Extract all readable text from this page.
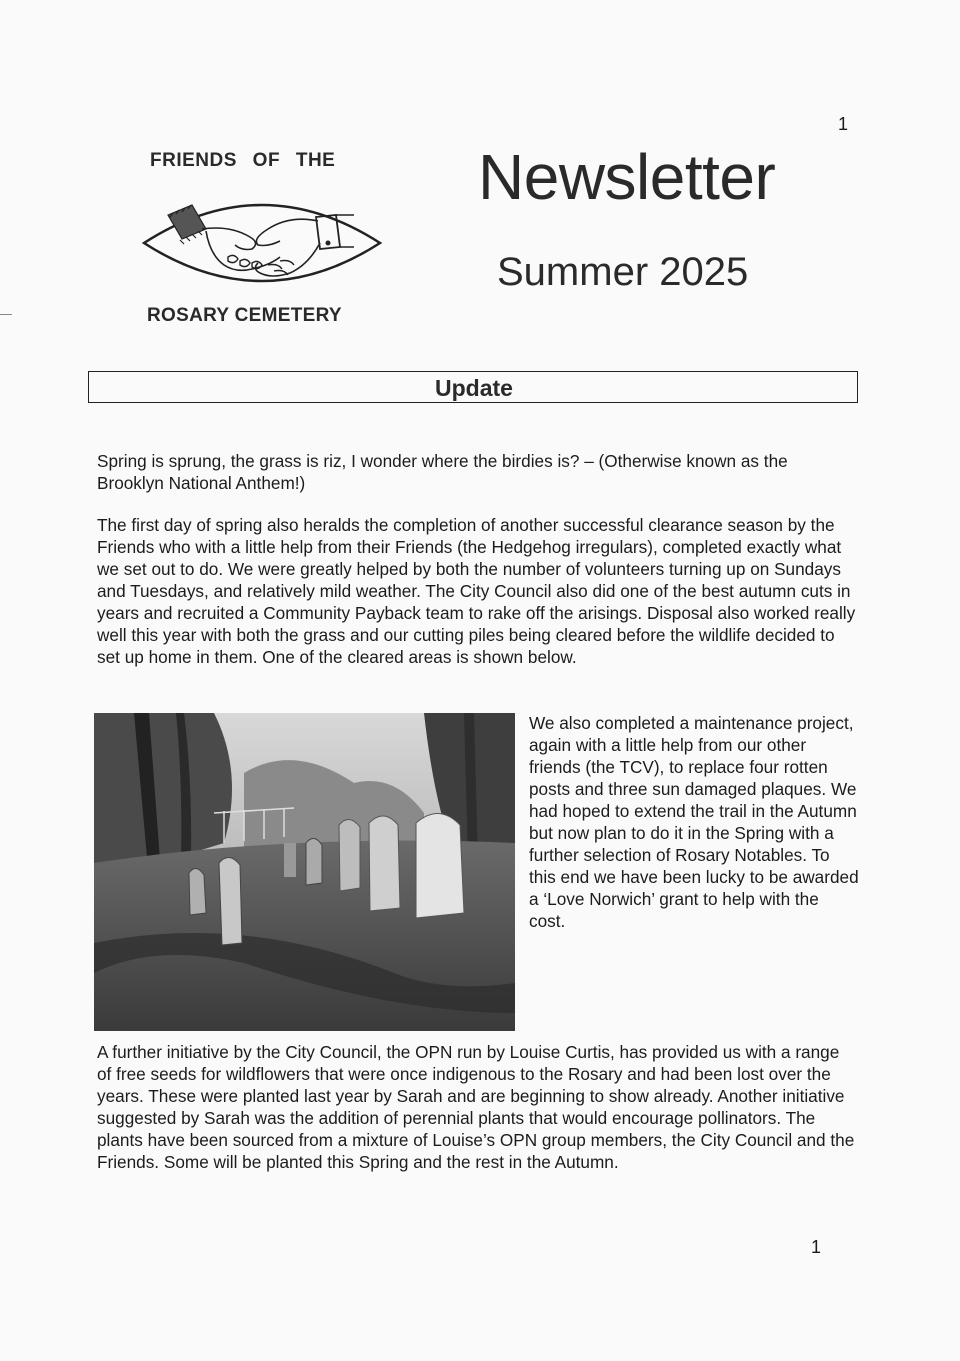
1
FRIENDS OF THE
ROSARY CEMETERY
Newsletter
Summer 2025
Update
Spring is sprung, the grass is riz, I wonder where the birdies is? – (Otherwise known as the Brooklyn National Anthem!)
The first day of spring also heralds the completion of another successful clearance season by the Friends who with a little help from their Friends (the Hedgehog irregulars), completed exactly what we set out to do. We were greatly helped by both the number of volunteers turning up on Sundays and Tuesdays, and relatively mild weather. The City Council also did one of the best autumn cuts in years and recruited a Community Payback team to rake off the arisings. Disposal also worked really well this year with both the grass and our cutting piles being cleared before the wildlife decided to set up home in them. One of the cleared areas is shown below.
We also completed a maintenance project, again with a little help from our other friends (the TCV), to replace four rotten posts and three sun damaged plaques. We had hoped to extend the trail in the Autumn but now plan to do it in the Spring with a further selection of Rosary Notables. To this end we have been lucky to be awarded a ‘Love Norwich’ grant to help with the cost.
A further initiative by the City Council, the OPN run by Louise Curtis, has provided us with a range of free seeds for wildflowers that were once indigenous to the Rosary and had been lost over the years. These were planted last year by Sarah and are beginning to show already. Another initiative suggested by Sarah was the addition of perennial plants that would encourage pollinators. The plants have been sourced from a mixture of Louise’s OPN group members, the City Council and the Friends. Some will be planted this Spring and the rest in the Autumn.
1
